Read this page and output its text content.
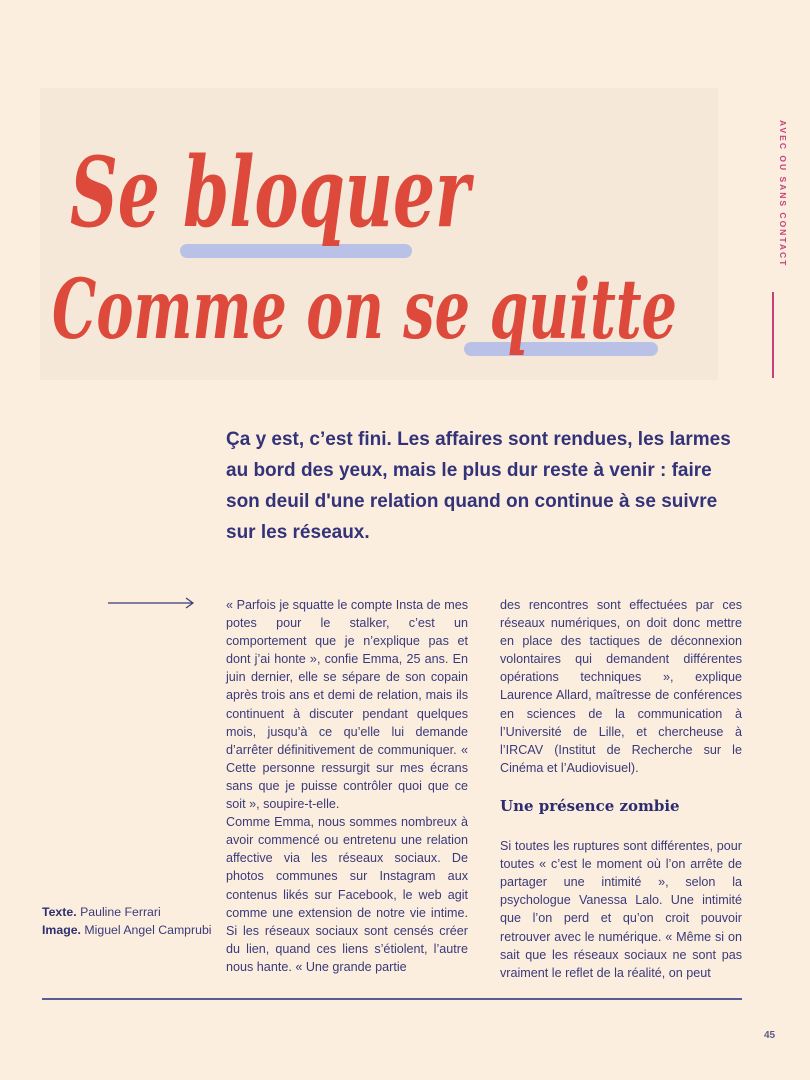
Se bloquer
Comme on se quitte
AVEC OU SANS CONTACT

Ça y est, c’est fini. Les affaires sont rendues, les larmes au bord des yeux, mais le plus dur reste à venir : faire son deuil d'une relation quand on continue à se suivre sur les réseaux.

« Parfois je squatte le compte Insta de mes potes pour le stalker, c’est un comportement que je n’explique pas et dont j’ai honte », confie Emma, 25 ans. En juin dernier, elle se sépare de son copain après trois ans et demi de relation, mais ils continuent à discuter pendant quelques mois, jusqu’à ce qu’elle lui demande d’arrêter définitivement de communiquer. « Cette personne ressurgit sur mes écrans sans que je puisse contrôler quoi que ce soit », soupire-t-elle.

Comme Emma, nous sommes nombreux à avoir commencé ou entretenu une relation affective via les réseaux sociaux. De photos communes sur Instagram aux contenus likés sur Facebook, le web agit comme une extension de notre vie intime. Si les réseaux sociaux sont censés créer du lien, quand ces liens s’étiolent, l’autre nous hante. « Une grande partie

des rencontres sont effectuées par ces réseaux numériques, on doit donc mettre en place des tactiques de déconnexion volontaires qui demandent différentes opérations techniques », explique Laurence Allard, maîtresse de conférences en sciences de la communication à l’Université de Lille, et chercheuse à l’IRCAV (Institut de Recherche sur le Cinéma et l’Audiovisuel).

Une présence zombie

Si toutes les ruptures sont différentes, pour toutes « c’est le moment où l’on arrête de partager une intimité », selon la psychologue Vanessa Lalo. Une intimité que l’on perd et qu’on croit pouvoir retrouver avec le numérique. « Même si on sait que les réseaux sociaux ne sont pas vraiment le reflet de la réalité, on peut

Texte. Pauline Ferrari
Image. Miguel Angel Camprubi
45
